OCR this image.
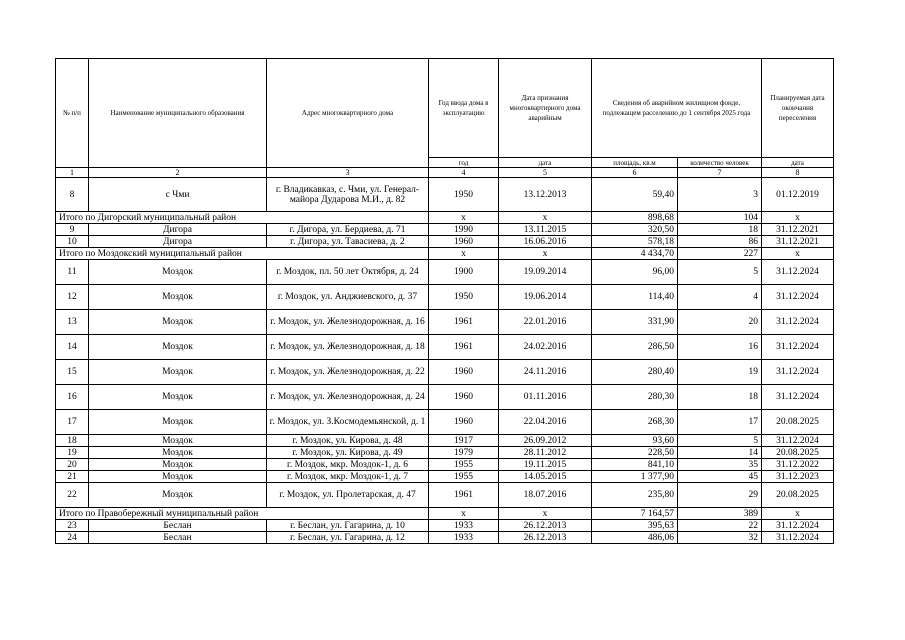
№ п/п	Наименование муниципального образования	Адрес многоквартирного дома	Год ввода дома в эксплуатацию	Дата признания многоквартирного дома аварийным	Сведения об аварийном жилищном фонде, подлежащем расселению до 1 сентября 2025 года		Планируемая дата окончания переселения
			год	дата	площадь, кв.м	количество человек	дата
1	2	3	4	5	6	7	8
8	с Чми	г. Владикавказ, с. Чми, ул. Генерал-майора Дударова М.И., д. 82	1950	13.12.2013	59,40	3	01.12.2019
Итого по Дигорский муниципальный район			x	x	898,68	104	x
9	Дигора	г. Дигора, ул. Бердиева, д. 71	1990	13.11.2015	320,50	18	31.12.2021
10	Дигора	г. Дигора, ул. Тавасиева, д. 2	1960	16.06.2016	578,18	86	31.12.2021
Итого по Моздокский муниципальный район			x	x	4 434,70	227	x
11	Моздок	г. Моздок, пл. 50 лет Октября, д. 24	1900	19.09.2014	96,00	5	31.12.2024
12	Моздок	г. Моздок, ул. Анджиевского, д. 37	1950	19.06.2014	114,40	4	31.12.2024
13	Моздок	г. Моздок, ул. Железнодорожная, д. 16	1961	22.01.2016	331,90	20	31.12.2024
14	Моздок	г. Моздок, ул. Железнодорожная, д. 18	1961	24.02.2016	286,50	16	31.12.2024
15	Моздок	г. Моздок, ул. Железнодорожная, д. 22	1960	24.11.2016	280,40	19	31.12.2024
16	Моздок	г. Моздок, ул. Железнодорожная, д. 24	1960	01.11.2016	280,30	18	31.12.2024
17	Моздок	г. Моздок, ул. З.Космодемьянской, д. 1	1960	22.04.2016	268,30	17	20.08.2025
18	Моздок	г. Моздок, ул. Кирова, д. 48	1917	26.09.2012	93,60	5	31.12.2024
19	Моздок	г. Моздок, ул. Кирова, д. 49	1979	28.11.2012	228,50	14	20.08.2025
20	Моздок	г. Моздок, мкр. Моздок-1, д. 6	1955	19.11.2015	841,10	35	31.12.2022
21	Моздок	г. Моздок, мкр. Моздок-1, д. 7	1955	14.05.2015	1 377,90	45	31.12.2023
22	Моздок	г. Моздок, ул. Пролетарская, д. 47	1961	18.07.2016	235,80	29	20.08.2025
Итого по Правобережный муниципальный район			x	x	7 164,57	389	x
23	Беслан	г. Беслан, ул. Гагарина, д. 10	1933	26.12.2013	395,63	22	31.12.2024
24	Беслан	г. Беслан, ул. Гагарина, д. 12	1933	26.12.2013	486,06	32	31.12.2024
